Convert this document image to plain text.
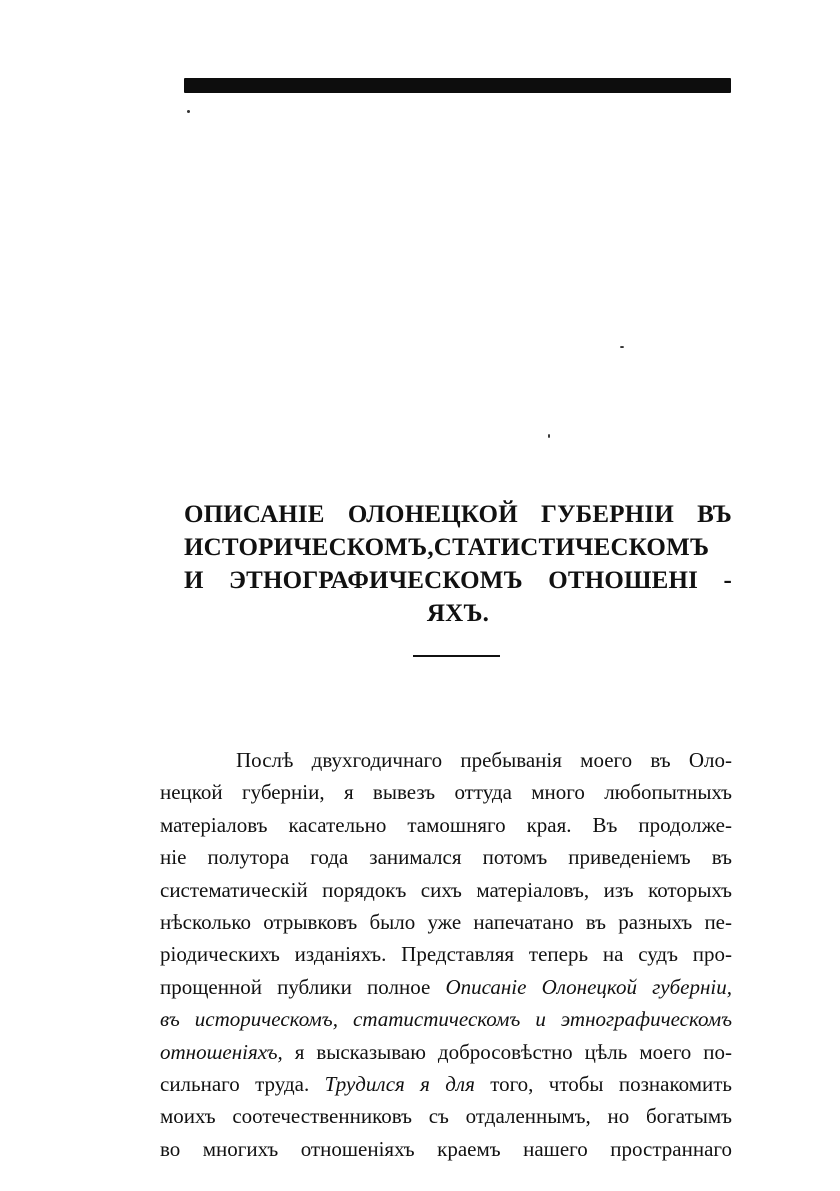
ОПИСАНІЕ ОЛОНЕЦКОЙ ГУБЕРНІИ ВЪ
ИСТОРИЧЕСКОМЪ,СТАТИСТИЧЕСКОМЪ
И ЭТНОГРАФИЧЕСКОМЪ ОТНОШЕНІ -
ЯХЪ.
Послѣ двухгодичнаго пребыванія моего въ Оло-
нецкой губерніи, я вывезъ оттуда много любопытныхъ
матеріаловъ касательно тамошняго края. Въ продолже-
ніе полутора года занимался потомъ приведеніемъ въ
систематическій порядокъ сихъ матеріаловъ, изъ которыхъ
нѣсколько отрывковъ было уже напечатано въ разныхъ пе-
ріодическихъ изданіяхъ. Представляя теперь на судъ про-
прощенной публики полное Описаніе Олонецкой губерніи,
въ историческомъ, статистическомъ и этнографическомъ
отношеніяхъ, я высказываю добросовѣстно цѣль моего по-
сильнаго труда. Трудился я для того, чтобы познакомить
моихъ соотечественниковъ съ отдаленнымъ, но богатымъ
во многихъ отношеніяхъ краемъ нашего пространнаго
